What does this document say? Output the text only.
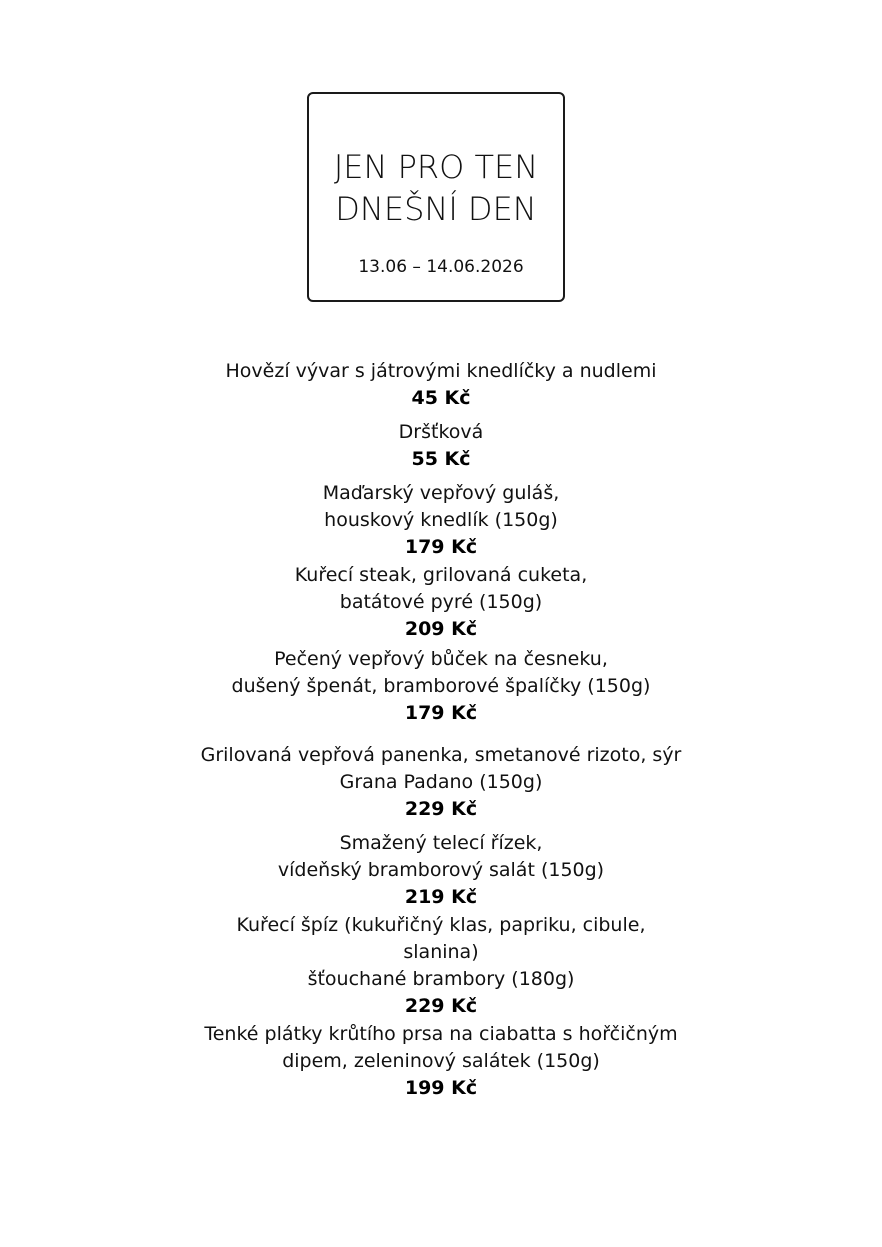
JEN PRO TEN
DNEŠNÍ DEN
13.06 – 14.06.2026
Hovězí vývar s játrovými knedlíčky a nudlemi
45 Kč
Dršťková
55 Kč
Maďarský vepřový guláš,
houskový knedlík (150g)
179 Kč
Kuřecí steak, grilovaná cuketa,
batátové pyré (150g)
209 Kč
Pečený vepřový bůček na česneku,
dušený špenát, bramborové špalíčky (150g)
179 Kč
Grilovaná vepřová panenka, smetanové rizoto, sýr
Grana Padano (150g)
229 Kč
Smažený telecí řízek,
vídeňský bramborový salát (150g)
219 Kč
Kuřecí špíz (kukuřičný klas, papriku, cibule,
slanina)
šťouchané brambory (180g)
229 Kč
Tenké plátky krůtího prsa na ciabatta s hořčičným
dipem, zeleninový salátek (150g)
199 Kč
